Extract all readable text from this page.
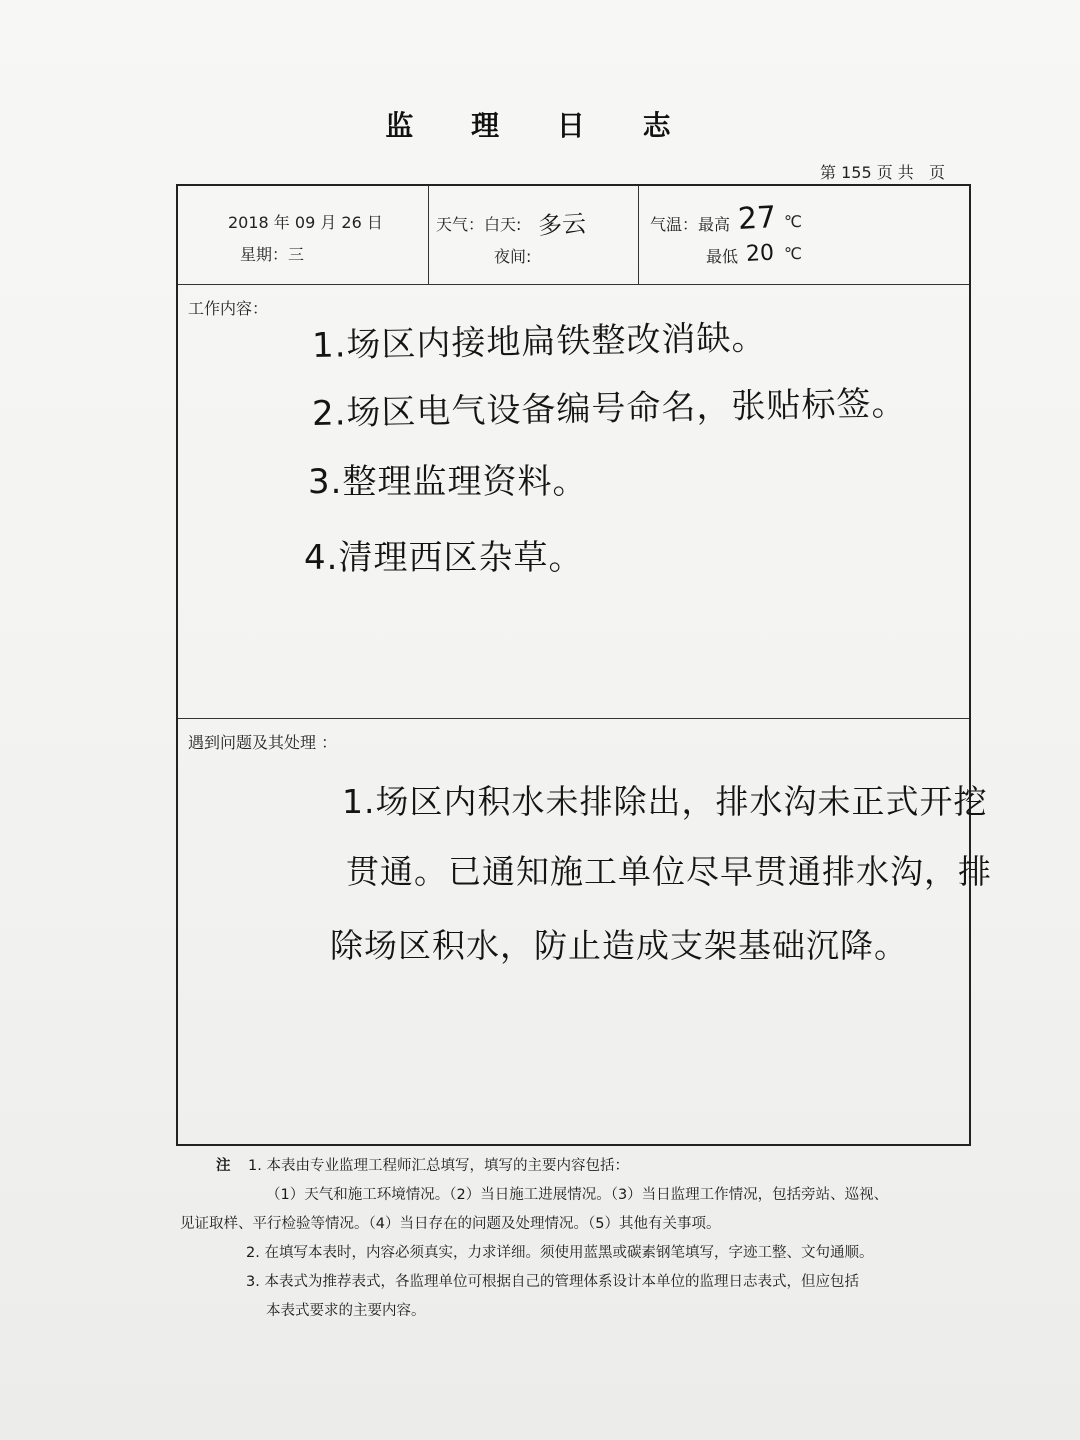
监 理 日 志
第 155 页 共   页
2018 年 09 月 26 日
星期：三
天气：白天: 多云
夜间:
气温：最高 27 ℃
最低 20 ℃
工作内容：
1.场区内接地扁铁整改消缺。
2.场区电气设备编号命名，张贴标签。
3.整理监理资料。
4.清理西区杂草。
遇到问题及其处理 ：
1.场区内积水未排除出，排水沟未正式开挖
贯通。已通知施工单位尽早贯通排水沟，排
除场区积水，防止造成支架基础沉降。
注 1. 本表由专业监理工程师汇总填写，填写的主要内容包括：
（1）天气和施工环境情况。（2）当日施工进展情况。（3）当日监理工作情况，包括旁站、巡视、
见证取样、平行检验等情况。（4）当日存在的问题及处理情况。（5）其他有关事项。
2. 在填写本表时，内容必须真实，力求详细。须使用蓝黑或碳素钢笔填写，字迹工整、文句通顺。
3. 本表式为推荐表式，各监理单位可根据自己的管理体系设计本单位的监理日志表式，但应包括
本表式要求的主要内容。
